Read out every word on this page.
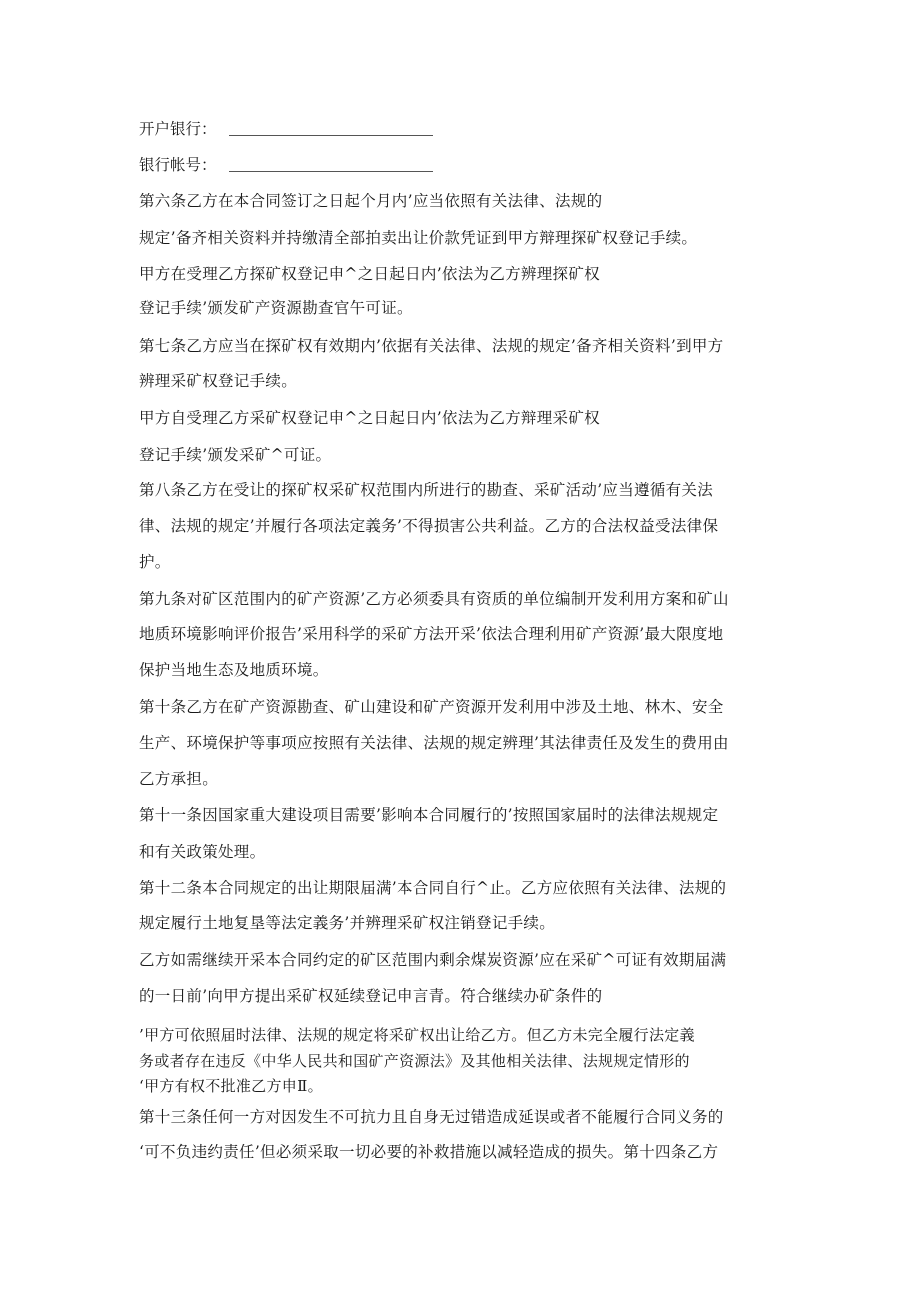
开户银行：
银行帐号：
第六条乙方在本合同签订之日起个月内’应当依照有关法律、法规的
规定’备齐相关资料并持缴清全部拍卖出让价款凭证到甲方辩理探矿权登记手续。
甲方在受理乙方探矿权登记申^之日起日内’依法为乙方辨理探矿权
登记手续’颁发矿产资源勘查官午可证。
第七条乙方应当在探矿权有效期内’依据有关法律、法规的规定’备齐相关资料’到甲方
辨理采矿权登记手续。
甲方自受理乙方采矿权登记申^之日起日内’依法为乙方辩理采矿权
登记手续’颁发采矿^可证。
第八条乙方在受让的探矿权采矿权范围内所进行的勘查、采矿活动’应当遵循有关法
律、法规的规定’并履行各项法定義务’不得损害公共利益。乙方的合法权益受法律保
护。
第九条对矿区范围内的矿产资源’乙方必须委具有资质的单位编制开发利用方案和矿山
地质环境影响评价报告’采用科学的采矿方法开采’依法合理利用矿产资源’最大限度地
保护当地生态及地质环境。
第十条乙方在矿产资源勘查、矿山建设和矿产资源开发利用中涉及土地、林木、安全
生产、环境保护等事项应按照有关法律、法规的规定辨理’其法律责任及发生的费用由
乙方承担。
第十一条因国家重大建设项目需要’影响本合同履行的’按照国家届时的法律法规规定
和有关政策处理。
第十二条本合同规定的出让期限届满’本合同自行^止。乙方应依照有关法律、法规的
规定履行土地复垦等法定義务’并辨理采矿权注销登记手续。
乙方如需继续开采本合同约定的矿区范围内剩余煤炭资源’应在采矿^可证有效期届满
的一日前’向甲方提出采矿权延续登记申言青。符合继续办矿条件的
’甲方可依照届时法律、法规的规定将采矿权出让给乙方。但乙方未完全履行法定義
务或者存在违反《中华人民共和国矿产资源法》及其他相关法律、法规规定情形的
‘甲方有权不批准乙方申Ⅱ。
第十三条任何一方对因发生不可抗力且自身无过错造成延误或者不能履行合同义务的
‘可不负违约责任’但必须采取一切必要的补救措施以减轻造成的损失。第十四条乙方
